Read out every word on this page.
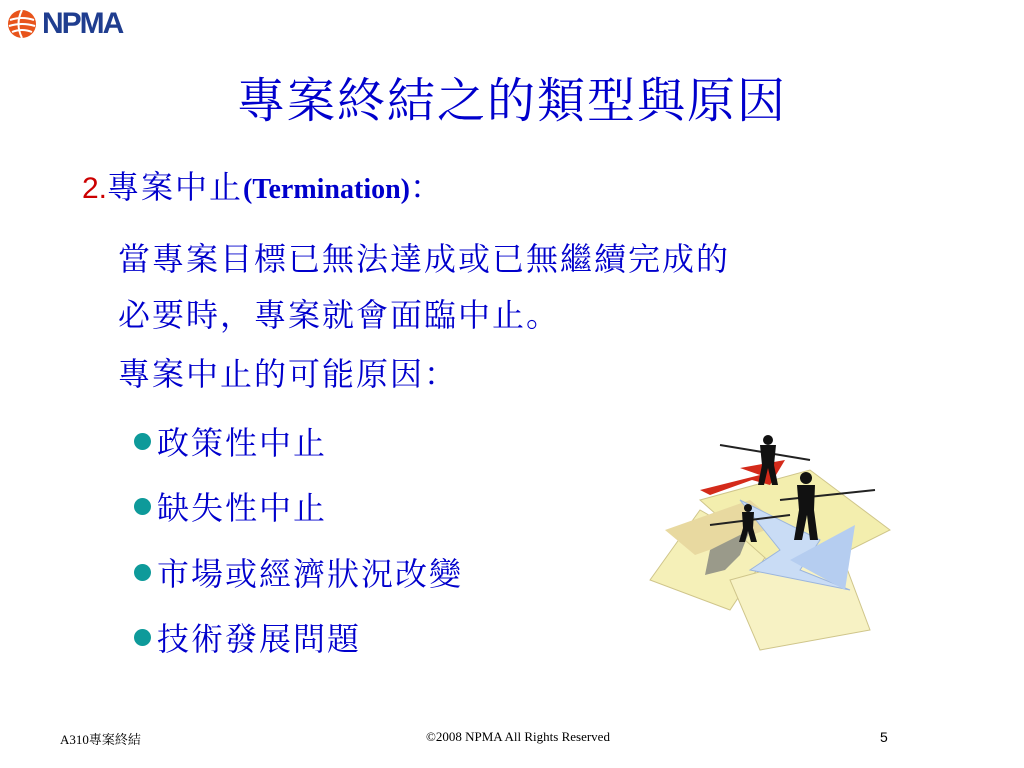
NPMA
專案終結之的類型與原因
2.專案中止(Termination)：
當專案目標已無法達成或已無繼續完成的
必要時，專案就會面臨中止。
專案中止的可能原因：
政策性中止
缺失性中止
市場或經濟狀況改變
技術發展問題
A310專案終結	©2008 NPMA All Rights Reserved	5
